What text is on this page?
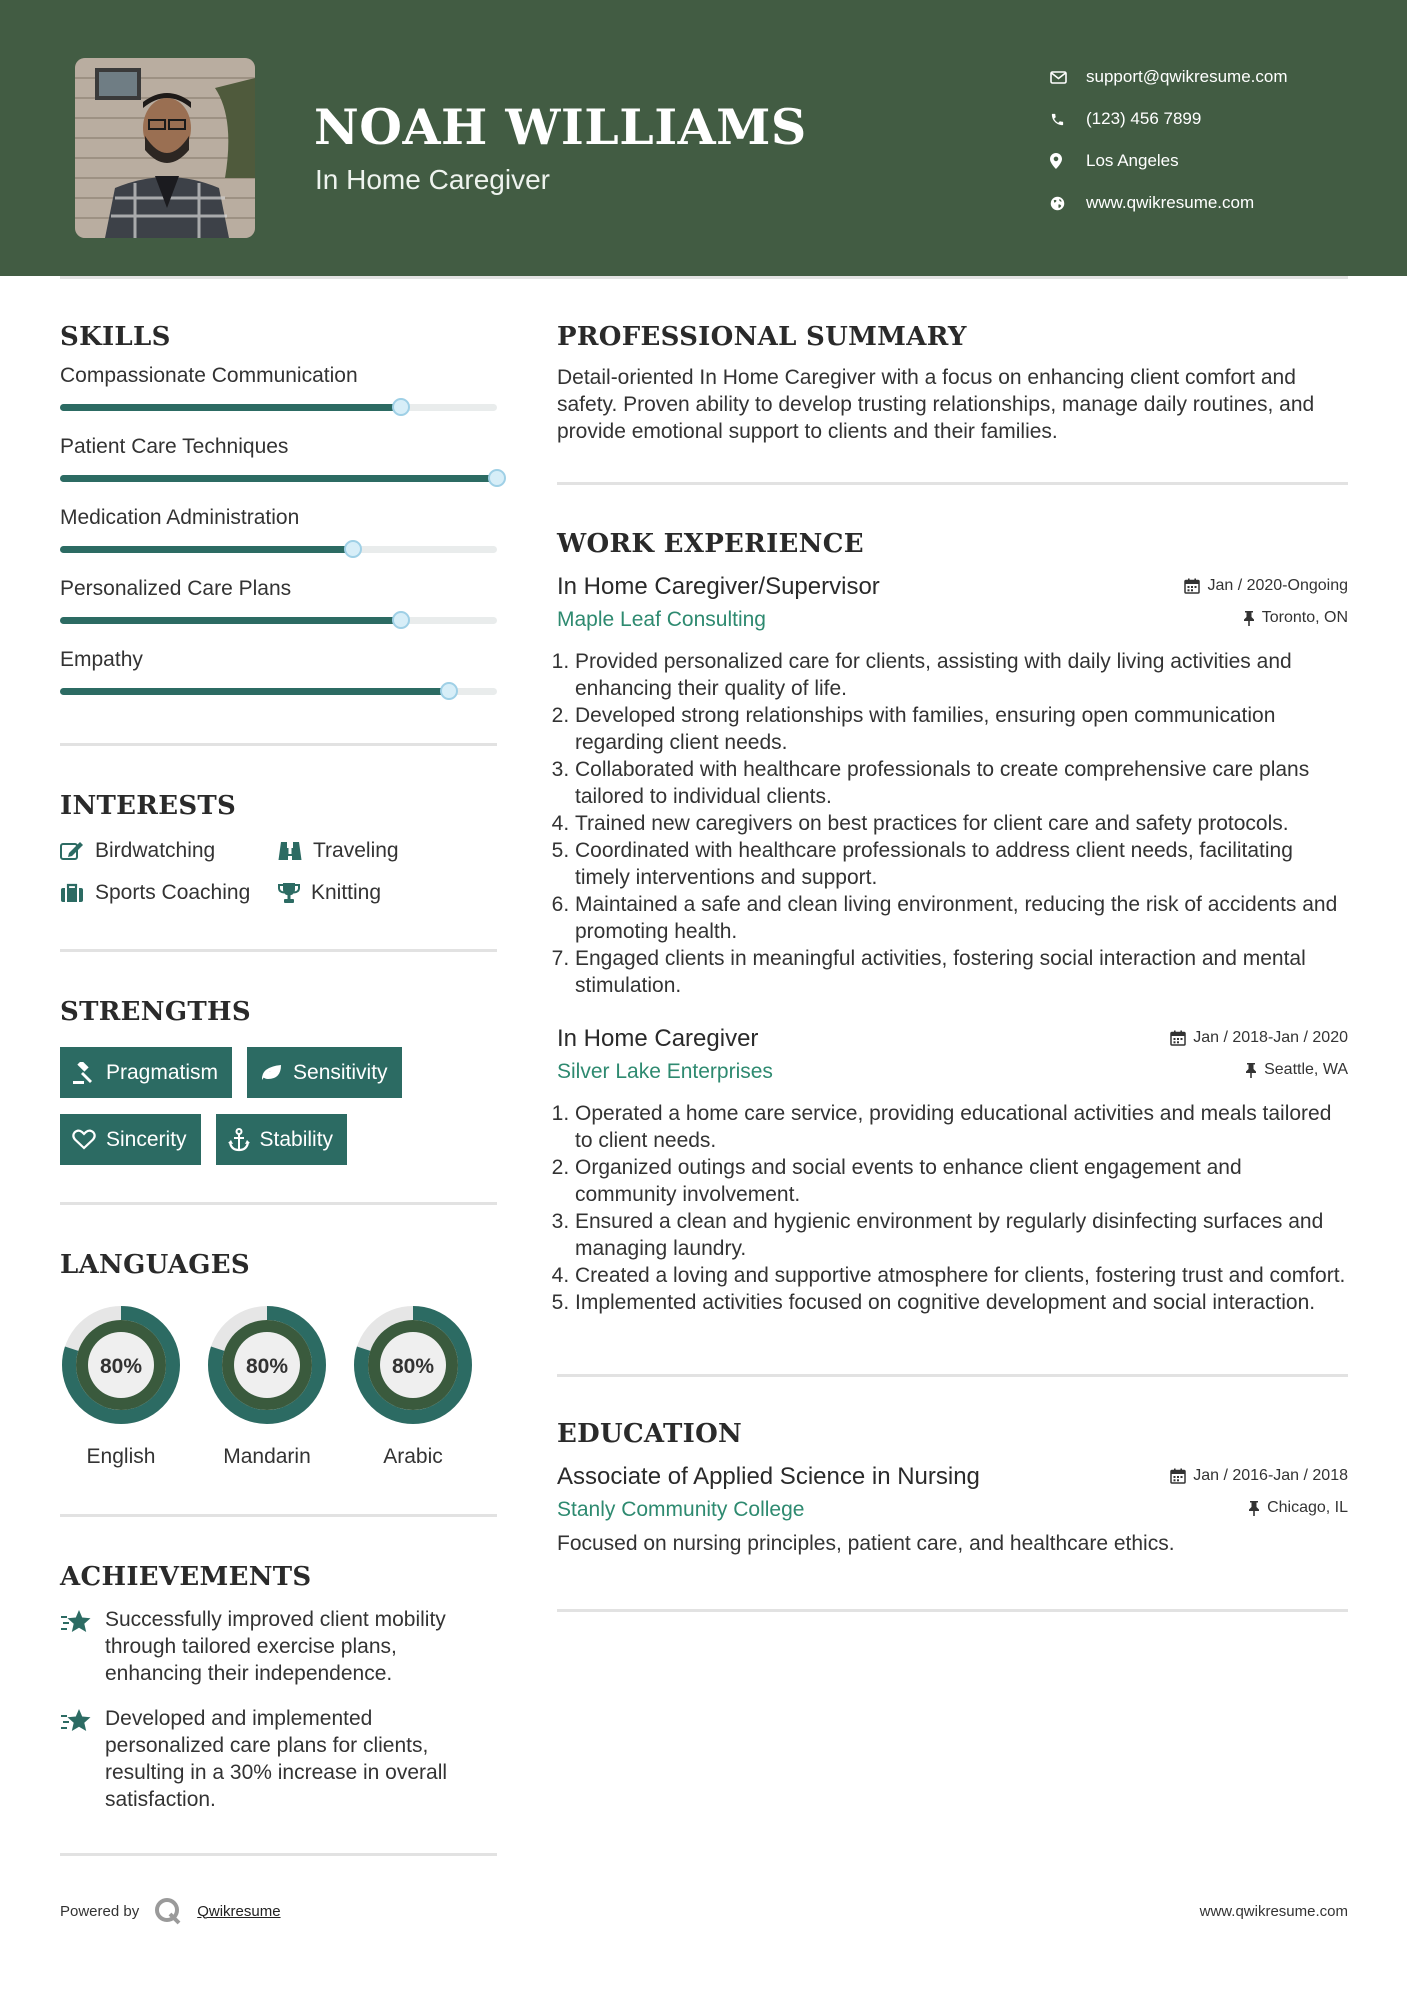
NOAH WILLIAMS
In Home Caregiver
support@qwikresume.com
(123) 456 7899
Los Angeles
www.qwikresume.com
SKILLS
Compassionate Communication
Patient Care Techniques
Medication Administration
Personalized Care Plans
Empathy
INTERESTS
Birdwatching	Traveling
Sports Coaching	Knitting
STRENGTHS
Pragmatism	Sensitivity
Sincerity	Stability
LANGUAGES
80%
English
80%
Mandarin
80%
Arabic
ACHIEVEMENTS
Successfully improved client mobility through tailored exercise plans, enhancing their independence.
Developed and implemented personalized care plans for clients, resulting in a 30% increase in overall satisfaction.
PROFESSIONAL SUMMARY

Detail-oriented In Home Caregiver with a focus on enhancing client comfort and safety. Proven ability to develop trusting relationships, manage daily routines, and provide emotional support to clients and their families.

WORK EXPERIENCE
In Home Caregiver/Supervisor	Jan / 2020-Ongoing
Maple Leaf Consulting	Toronto, ON
1. Provided personalized care for clients, assisting with daily living activities and enhancing their quality of life.
2. Developed strong relationships with families, ensuring open communication regarding client needs.
3. Collaborated with healthcare professionals to create comprehensive care plans tailored to individual clients.
4. Trained new caregivers on best practices for client care and safety protocols.
5. Coordinated with healthcare professionals to address client needs, facilitating timely interventions and support.
6. Maintained a safe and clean living environment, reducing the risk of accidents and promoting health.
7. Engaged clients in meaningful activities, fostering social interaction and mental stimulation.
In Home Caregiver	Jan / 2018-Jan / 2020
Silver Lake Enterprises	Seattle, WA
1. Operated a home care service, providing educational activities and meals tailored to client needs.
2. Organized outings and social events to enhance client engagement and community involvement.
3. Ensured a clean and hygienic environment by regularly disinfecting surfaces and managing laundry.
4. Created a loving and supportive atmosphere for clients, fostering trust and comfort.
5. Implemented activities focused on cognitive development and social interaction.
EDUCATION
Associate of Applied Science in Nursing	Jan / 2016-Jan / 2018
Stanly Community College	Chicago, IL

Focused on nursing principles, patient care, and healthcare ethics.

Powered by	Qwikresume	www.qwikresume.com
